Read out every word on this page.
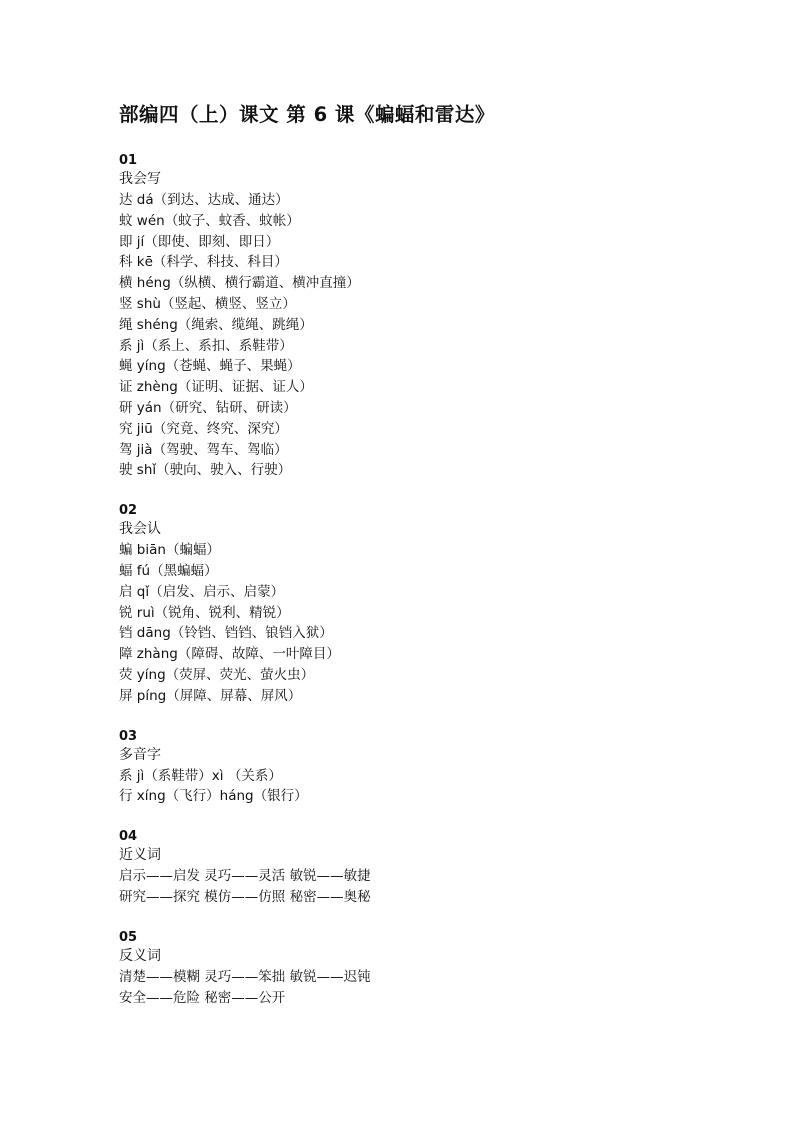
部编四（上）课文 第 6 课《蝙蝠和雷达》

01

我会写

达 dá（到达、达成、通达）

蚊 wén（蚊子、蚊香、蚊帐）

即 jí（即使、即刻、即日）

科 kē（科学、科技、科目）

横 héng（纵横、横行霸道、横冲直撞）

竖 shù（竖起、横竖、竖立）

绳 shéng（绳索、缆绳、跳绳）

系 jì（系上、系扣、系鞋带）

蝇 yíng（苍蝇、蝇子、果蝇）

证 zhèng（证明、证据、证人）

研 yán（研究、钻研、研读）

究 jiū（究竟、终究、深究）

驾 jià（驾驶、驾车、驾临）

驶 shǐ（驶向、驶入、行驶）

02

我会认

蝙 biān（蝙蝠）

蝠 fú（黑蝙蝠）

启 qǐ（启发、启示、启蒙）

锐 ruì（锐角、锐利、精锐）

铛 dāng（铃铛、铛铛、锒铛入狱）

障 zhàng（障碍、故障、一叶障目）

荧 yíng（荧屏、荧光、萤火虫）

屏 píng（屏障、屏幕、屏风）

03

多音字

系 jì（系鞋带）xì （关系）

行 xíng（飞行）háng（银行）

04

近义词

启示——启发 灵巧——灵活 敏锐——敏捷

研究——探究 模仿——仿照 秘密——奥秘

05

反义词

清楚——模糊 灵巧——笨拙 敏锐——迟钝

安全——危险 秘密——公开
